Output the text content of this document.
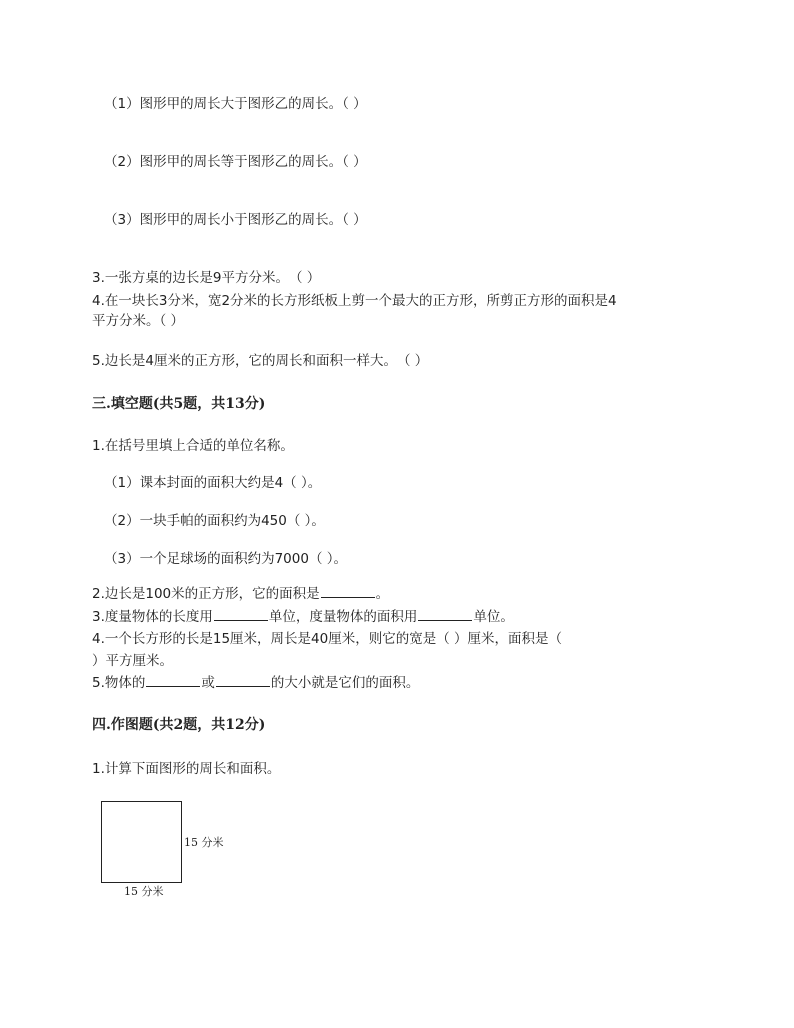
（1）图形甲的周长大于图形乙的周长。（ ）
（2）图形甲的周长等于图形乙的周长。（ ）
（3）图形甲的周长小于图形乙的周长。（ ）
3.一张方桌的边长是9平方分米。　（ ）
4.在一块长3分米，宽2分米的长方形纸板上剪一个最大的正方形，所剪正方形的面积是4
平方分米。（ ）
5.边长是4厘米的正方形，它的周长和面积一样大。　（ ）
三.填空题(共5题，共13分)
1.在括号里填上合适的单位名称。
（1）课本封面的面积大约是4（ ）。
（2）一块手帕的面积约为450（ ）。
（3）一个足球场的面积约为7000（ ）。
2.边长是100米的正方形，它的面积是	。
3.度量物体的长度用	单位，度量物体的面积用	单位。
4.一个长方形的长是15厘米，周长是40厘米，则它的宽是（ ）厘米，面积是（
）平方厘米。
5.物体的	或	的大小就是它们的面积。
四.作图题(共2题，共12分)
1.计算下面图形的周长和面积。
15 分米
15 分米
